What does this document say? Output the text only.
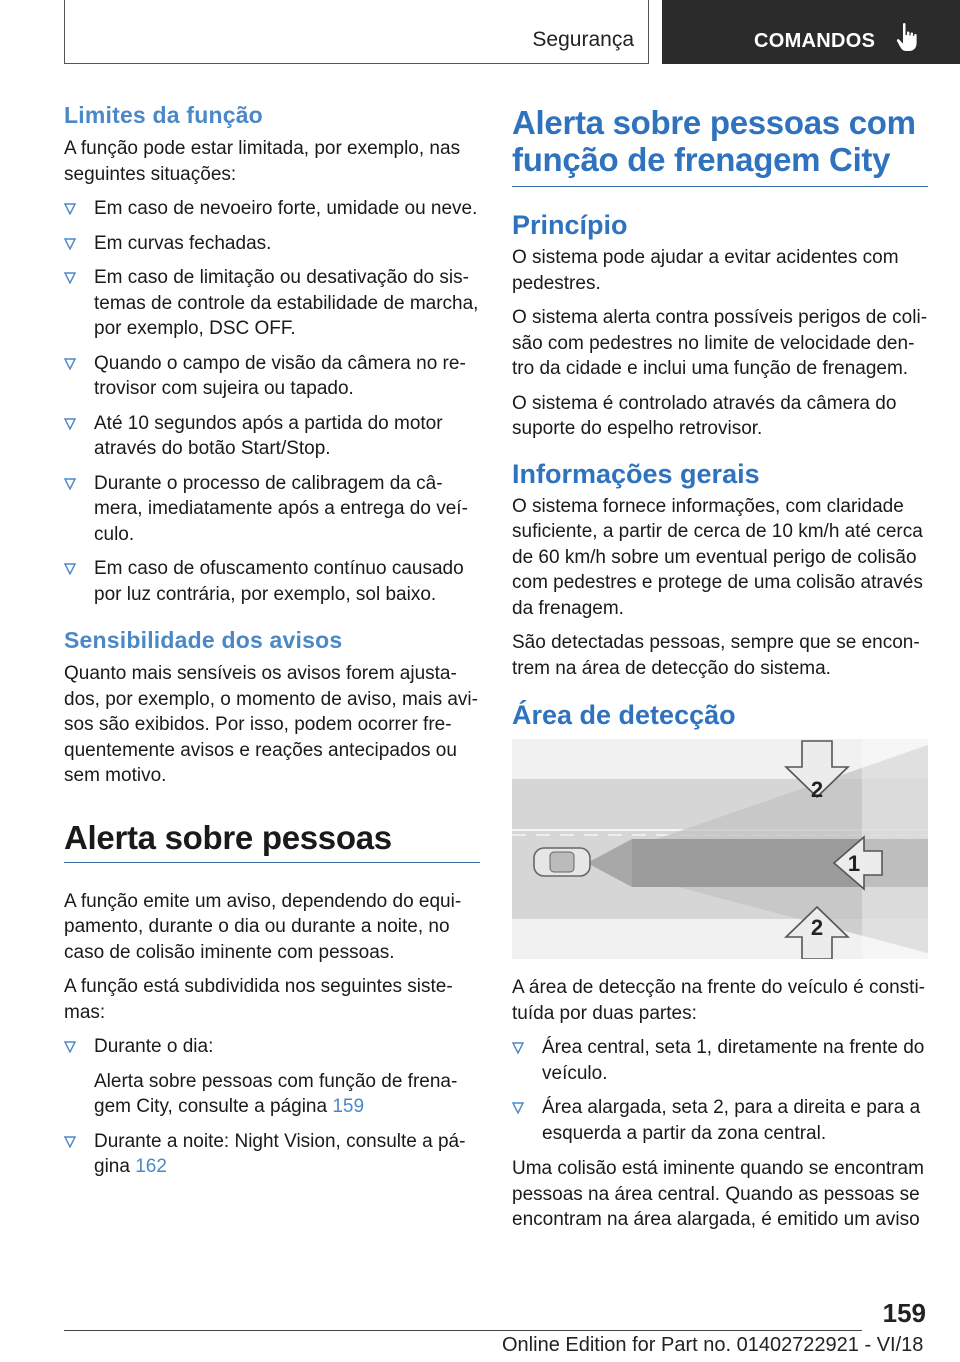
Segurança	COMANDOS
Limites da função

A função pode estar limitada, por exemplo, nas seguintes situações:

Em caso de nevoeiro forte, umidade ou neve.
Em curvas fechadas.
Em caso de limitação ou desativação do sistemas de controle da estabilidade de marcha, por exemplo, DSC OFF.
Quando o campo de visão da câmera no retrovisor com sujeira ou tapado.
Até 10 segundos após a partida do motor através do botão Start/Stop.
Durante o processo de calibragem da câmera, imediatamente após a entrega do veículo.
Em caso de ofuscamento contínuo causado por luz contrária, por exemplo, sol baixo.
Sensibilidade dos avisos

Quanto mais sensíveis os avisos forem ajustados, por exemplo, o momento de aviso, mais avisos são exibidos. Por isso, podem ocorrer frequentemente avisos e reações antecipados ou sem motivo.

Alerta sobre pessoas

A função emite um aviso, dependendo do equipamento, durante o dia ou durante a noite, no caso de colisão iminente com pessoas.

A função está subdividida nos seguintes sistemas:

Durante o dia:
Alerta sobre pessoas com função de frenagem City, consulte a página 159
Durante a noite: Night Vision, consulte a página 162
Alerta sobre pessoas com função de frenagem City
Princípio

O sistema pode ajudar a evitar acidentes com pedestres.

O sistema alerta contra possíveis perigos de colisão com pedestres no limite de velocidade dentro da cidade e inclui uma função de frenagem.

O sistema é controlado através da câmera do suporte do espelho retrovisor.

Informações gerais

O sistema fornece informações, com claridade suficiente, a partir de cerca de 10 km/h até cerca de 60 km/h sobre um eventual perigo de colisão com pedestres e protege de uma colisão através da frenagem.

São detectadas pessoas, sempre que se encontrem na área de detecção do sistema.

Área de detecção
2
1
2

A área de detecção na frente do veículo é constituída por duas partes:

Área central, seta 1, diretamente na frente do veículo.
Área alargada, seta 2, para a direita e para a esquerda a partir da zona central.

Uma colisão está iminente quando se encontram pessoas na área central. Quando as pessoas se encontram na área alargada, é emitido um aviso

159
Online Edition for Part no. 01402722921 - VI/18
